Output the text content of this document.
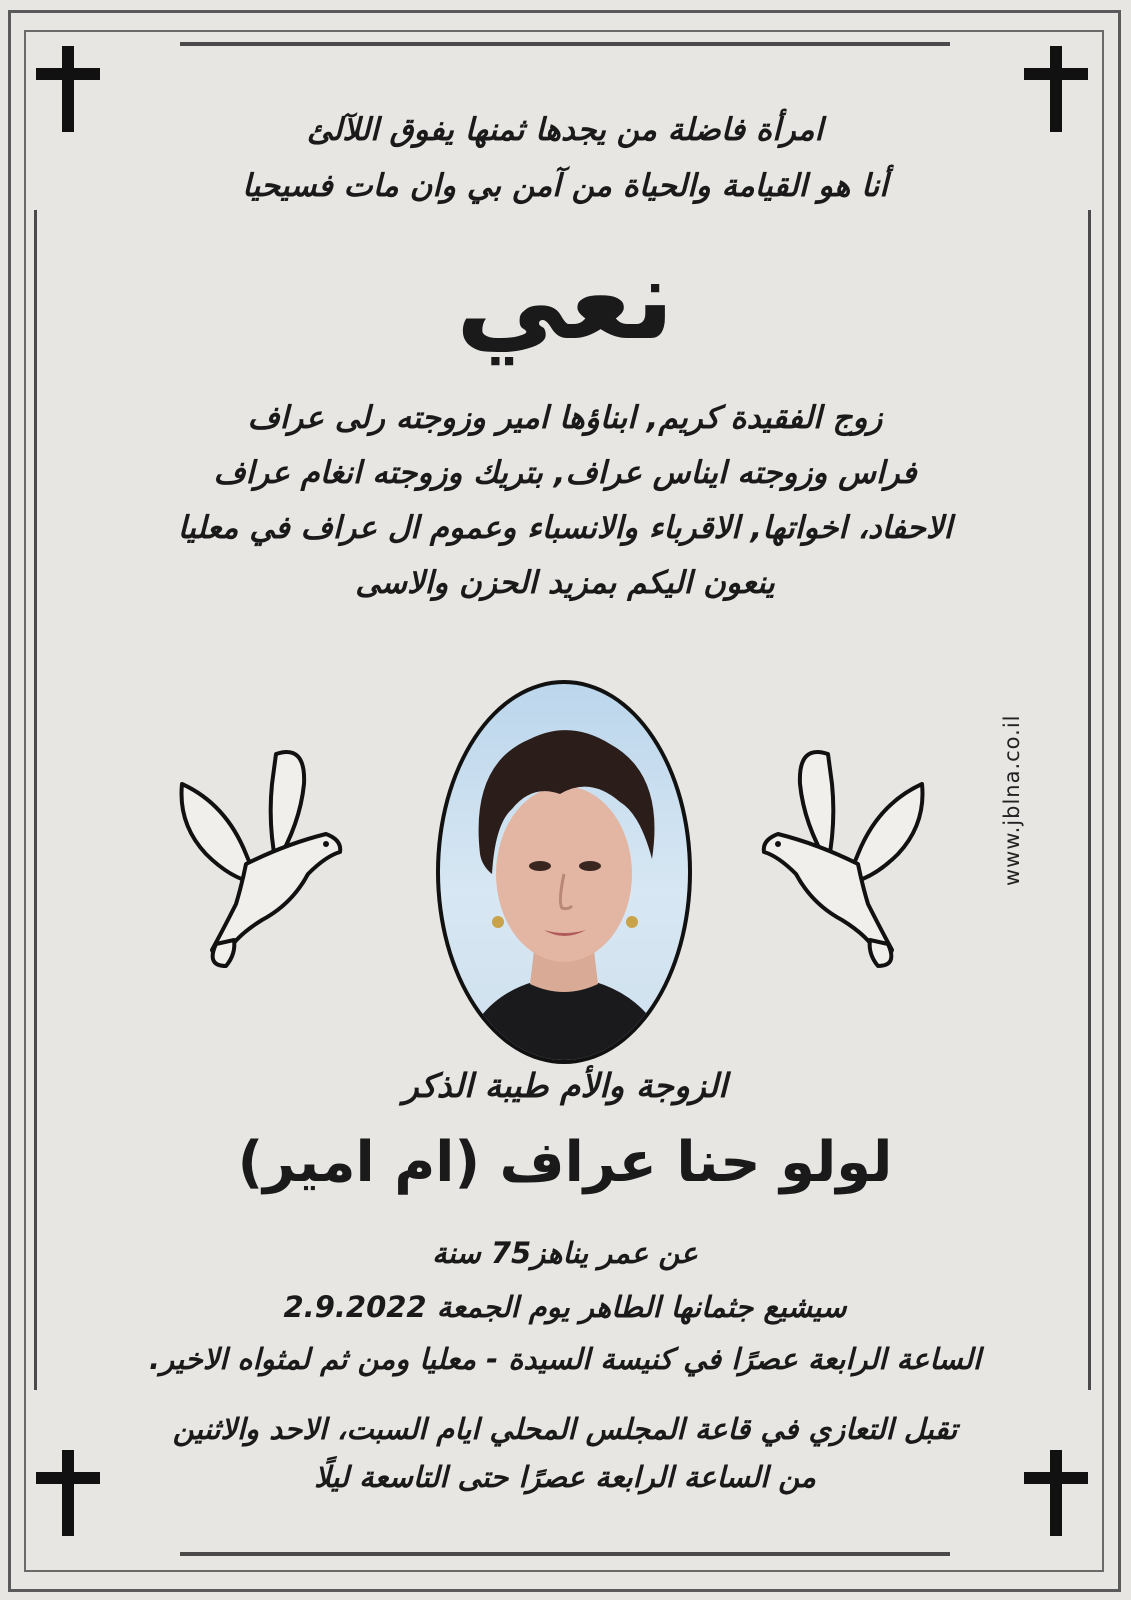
امرأة فاضلة من يجدها ثمنها يفوق اللآلئ
أنا هو القيامة والحياة من آمن بي وان مات فسيحيا
نعي
زوج الفقيدة كريم, ابناؤها امير وزوجته رلى عراف
فراس وزوجته ايناس عراف, بتريك وزوجته انغام عراف
الاحفاد، اخواتها, الاقرباء والانسباء وعموم ال عراف في معليا
ينعون اليكم بمزيد الحزن والاسى
www.jblna.co.il
الزوجة والأم طيبة الذكر
لولو حنا عراف (ام امير)
عن عمر يناهز75 سنة
سيشيع جثمانها الطاهر يوم الجمعة 2.9.2022
الساعة الرابعة عصرًا في كنيسة السيدة - معليا ومن ثم لمثواه الاخير.
تقبل التعازي في قاعة المجلس المحلي ايام السبت، الاحد والاثنين
من الساعة الرابعة عصرًا حتى التاسعة ليلًا
